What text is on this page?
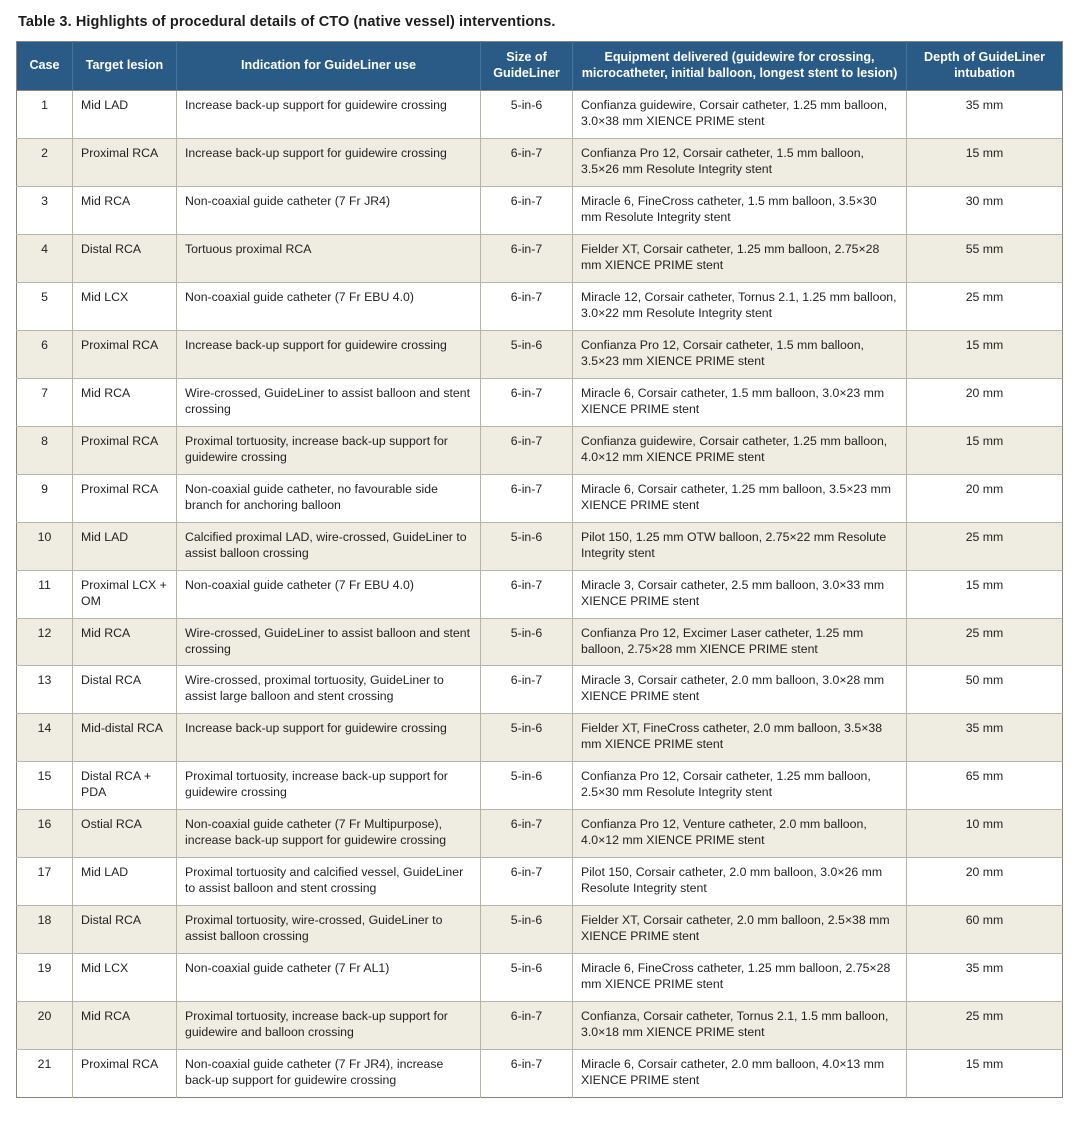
Table 3. Highlights of procedural details of CTO (native vessel) interventions.
Case	Target lesion	Indication for GuideLiner use	Size of GuideLiner	Equipment delivered (guidewire for crossing, microcatheter, initial balloon, longest stent to lesion)	Depth of GuideLiner intubation
1	Mid LAD	Increase back-up support for guidewire crossing	5-in-6	Confianza guidewire, Corsair catheter, 1.25 mm balloon, 3.0×38 mm XIENCE PRIME stent	35 mm
2	Proximal RCA	Increase back-up support for guidewire crossing	6-in-7	Confianza Pro 12, Corsair catheter, 1.5 mm balloon, 3.5×26 mm Resolute Integrity stent	15 mm
3	Mid RCA	Non-coaxial guide catheter (7 Fr JR4)	6-in-7	Miracle 6, FineCross catheter, 1.5 mm balloon, 3.5×30 mm Resolute Integrity stent	30 mm
4	Distal RCA	Tortuous proximal RCA	6-in-7	Fielder XT, Corsair catheter, 1.25 mm balloon, 2.75×28 mm XIENCE PRIME stent	55 mm
5	Mid LCX	Non-coaxial guide catheter (7 Fr EBU 4.0)	6-in-7	Miracle 12, Corsair catheter, Tornus 2.1, 1.25 mm balloon, 3.0×22 mm Resolute Integrity stent	25 mm
6	Proximal RCA	Increase back-up support for guidewire crossing	5-in-6	Confianza Pro 12, Corsair catheter, 1.5 mm balloon, 3.5×23 mm XIENCE PRIME stent	15 mm
7	Mid RCA	Wire-crossed, GuideLiner to assist balloon and stent crossing	6-in-7	Miracle 6, Corsair catheter, 1.5 mm balloon, 3.0×23 mm XIENCE PRIME stent	20 mm
8	Proximal RCA	Proximal tortuosity, increase back-up support for guidewire crossing	6-in-7	Confianza guidewire, Corsair catheter, 1.25 mm balloon, 4.0×12 mm XIENCE PRIME stent	15 mm
9	Proximal RCA	Non-coaxial guide catheter, no favourable side branch for anchoring balloon	6-in-7	Miracle 6, Corsair catheter, 1.25 mm balloon, 3.5×23 mm XIENCE PRIME stent	20 mm
10	Mid LAD	Calcified proximal LAD, wire-crossed, GuideLiner to assist balloon crossing	5-in-6	Pilot 150, 1.25 mm OTW balloon, 2.75×22 mm Resolute Integrity stent	25 mm
11	Proximal LCX + OM	Non-coaxial guide catheter (7 Fr EBU 4.0)	6-in-7	Miracle 3, Corsair catheter, 2.5 mm balloon, 3.0×33 mm XIENCE PRIME stent	15 mm
12	Mid RCA	Wire-crossed, GuideLiner to assist balloon and stent crossing	5-in-6	Confianza Pro 12, Excimer Laser catheter, 1.25 mm balloon, 2.75×28 mm XIENCE PRIME stent	25 mm
13	Distal RCA	Wire-crossed, proximal tortuosity, GuideLiner to assist large balloon and stent crossing	6-in-7	Miracle 3, Corsair catheter, 2.0 mm balloon, 3.0×28 mm XIENCE PRIME stent	50 mm
14	Mid-distal RCA	Increase back-up support for guidewire crossing	5-in-6	Fielder XT, FineCross catheter, 2.0 mm balloon, 3.5×38 mm XIENCE PRIME stent	35 mm
15	Distal RCA + PDA	Proximal tortuosity, increase back-up support for guidewire crossing	5-in-6	Confianza Pro 12, Corsair catheter, 1.25 mm balloon, 2.5×30 mm Resolute Integrity stent	65 mm
16	Ostial RCA	Non-coaxial guide catheter (7 Fr Multipurpose), increase back-up support for guidewire crossing	6-in-7	Confianza Pro 12, Venture catheter, 2.0 mm balloon, 4.0×12 mm XIENCE PRIME stent	10 mm
17	Mid LAD	Proximal tortuosity and calcified vessel, GuideLiner to assist balloon and stent crossing	6-in-7	Pilot 150, Corsair catheter, 2.0 mm balloon, 3.0×26 mm Resolute Integrity stent	20 mm
18	Distal RCA	Proximal tortuosity, wire-crossed, GuideLiner to assist balloon crossing	5-in-6	Fielder XT, Corsair catheter, 2.0 mm balloon, 2.5×38 mm XIENCE PRIME stent	60 mm
19	Mid LCX	Non-coaxial guide catheter (7 Fr AL1)	5-in-6	Miracle 6, FineCross catheter, 1.25 mm balloon, 2.75×28 mm XIENCE PRIME stent	35 mm
20	Mid RCA	Proximal tortuosity, increase back-up support for guidewire and balloon crossing	6-in-7	Confianza, Corsair catheter, Tornus 2.1, 1.5 mm balloon, 3.0×18 mm XIENCE PRIME stent	25 mm
21	Proximal RCA	Non-coaxial guide catheter (7 Fr JR4), increase back-up support for guidewire crossing	6-in-7	Miracle 6, Corsair catheter, 2.0 mm balloon, 4.0×13 mm XIENCE PRIME stent	15 mm
